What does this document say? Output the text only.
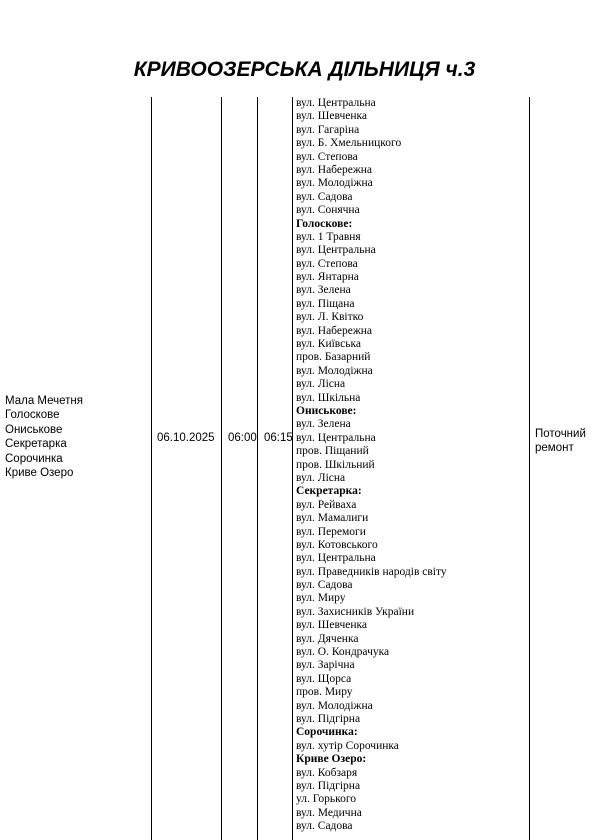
КРИВООЗЕРСЬКА ДІЛЬНИЦЯ ч.3
Мала Мечетня
Голоскове
Ониськове
Секретарка
Сорочинка
Криве Озеро
06.10.2025 06:00 06:15	Поточний
ремонт
вул. Центральна
вул. Шевченка
вул. Гагаріна
вул. Б. Хмельницкого
вул. Степова
вул. Набережна
вул. Молодіжна
вул. Садова
вул. Сонячна
Голоскове:
вул. 1 Травня
вул. Центральна
вул. Степова
вул. Янтарна
вул. Зелена
вул. Піщана
вул. Л. Квітко
вул. Набережна
вул. Київська
пров. Базарний
вул. Молодіжна
вул. Лісна
вул. Шкільна
Ониськове:
вул. Зелена
вул. Центральна
пров. Піщаний
пров. Шкільний
вул. Лісна
Секретарка:
вул. Рейваха
вул. Мамалиги
вул. Перемоги
вул. Котовського
вул. Центральна
вул. Праведників народів світу
вул. Садова
вул. Миру
вул. Захисників України
вул. Шевченка
вул. Дяченка
вул. О. Кондрачука
вул. Зарічна
вул. Щорса
пров. Миру
вул. Молодіжна
вул. Підгірна
Сорочинка:
вул. хутір Сорочинка
Криве Озеро:
вул. Кобзаря
вул. Підгірна
ул. Горького
вул. Медична
вул. Садова
